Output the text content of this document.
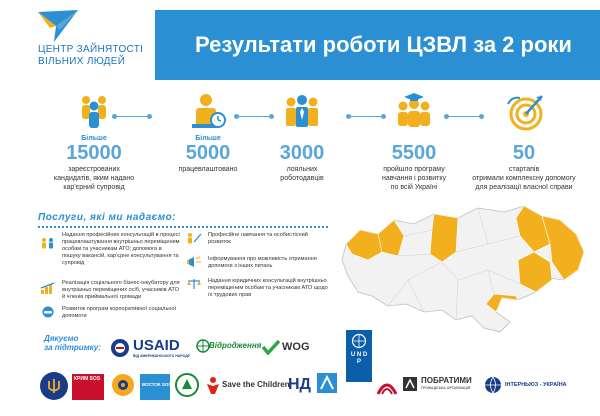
ЦЕНТР ЗАЙНЯТОСТІ
ВІЛЬНИХ ЛЮДЕЙ
Результати роботи ЦЗВЛ за 2 роки
Більше
15000
зареєстрованих
кандидатів, яким надано
кар'єрний супровід
Більше
5000
працевлаштовано
3000
лояльних
роботодавців
5500
пройшло програму
навчання і розвитку
по всій Україні
50
стартапів
отримали комплексну допомогу
для реалізації власної справи
Послуги, які ми надаємо:
Надання професійних консультацій в процесі працевлаштування внутрішньо переміщеним особам та учасникам АТО; допомога в пошуку вакансій, кар'єрне консультування та супровід
Реалізація соціального бізнес-інкубатору для внутрішньо переміщених осіб, учасників АТО й членів приймальної громади
Розвиток програм корпоративної соціальної допомоги
Професійне навчання та особистісний розвиток
Інформування про можливість отримання допомоги з інших питань
Надання юридичних консультацій внутрішньо переміщеним особам та учасникам АТО щодо їх трудових прав
Дякуємо
за підтримку: USAID
ВІД АМЕРИКАНСЬКОГО НАРОДУ
Відродження WOG
U N D P
КРИМ SOS
ВОСТОК SOS	Save the Children
НД	ПОБРАТИМИ
ГРОМАДСЬКА ОРГАНІЗАЦІЯ	ІНТЕРНЬЮЗ - УКРАЇНА
